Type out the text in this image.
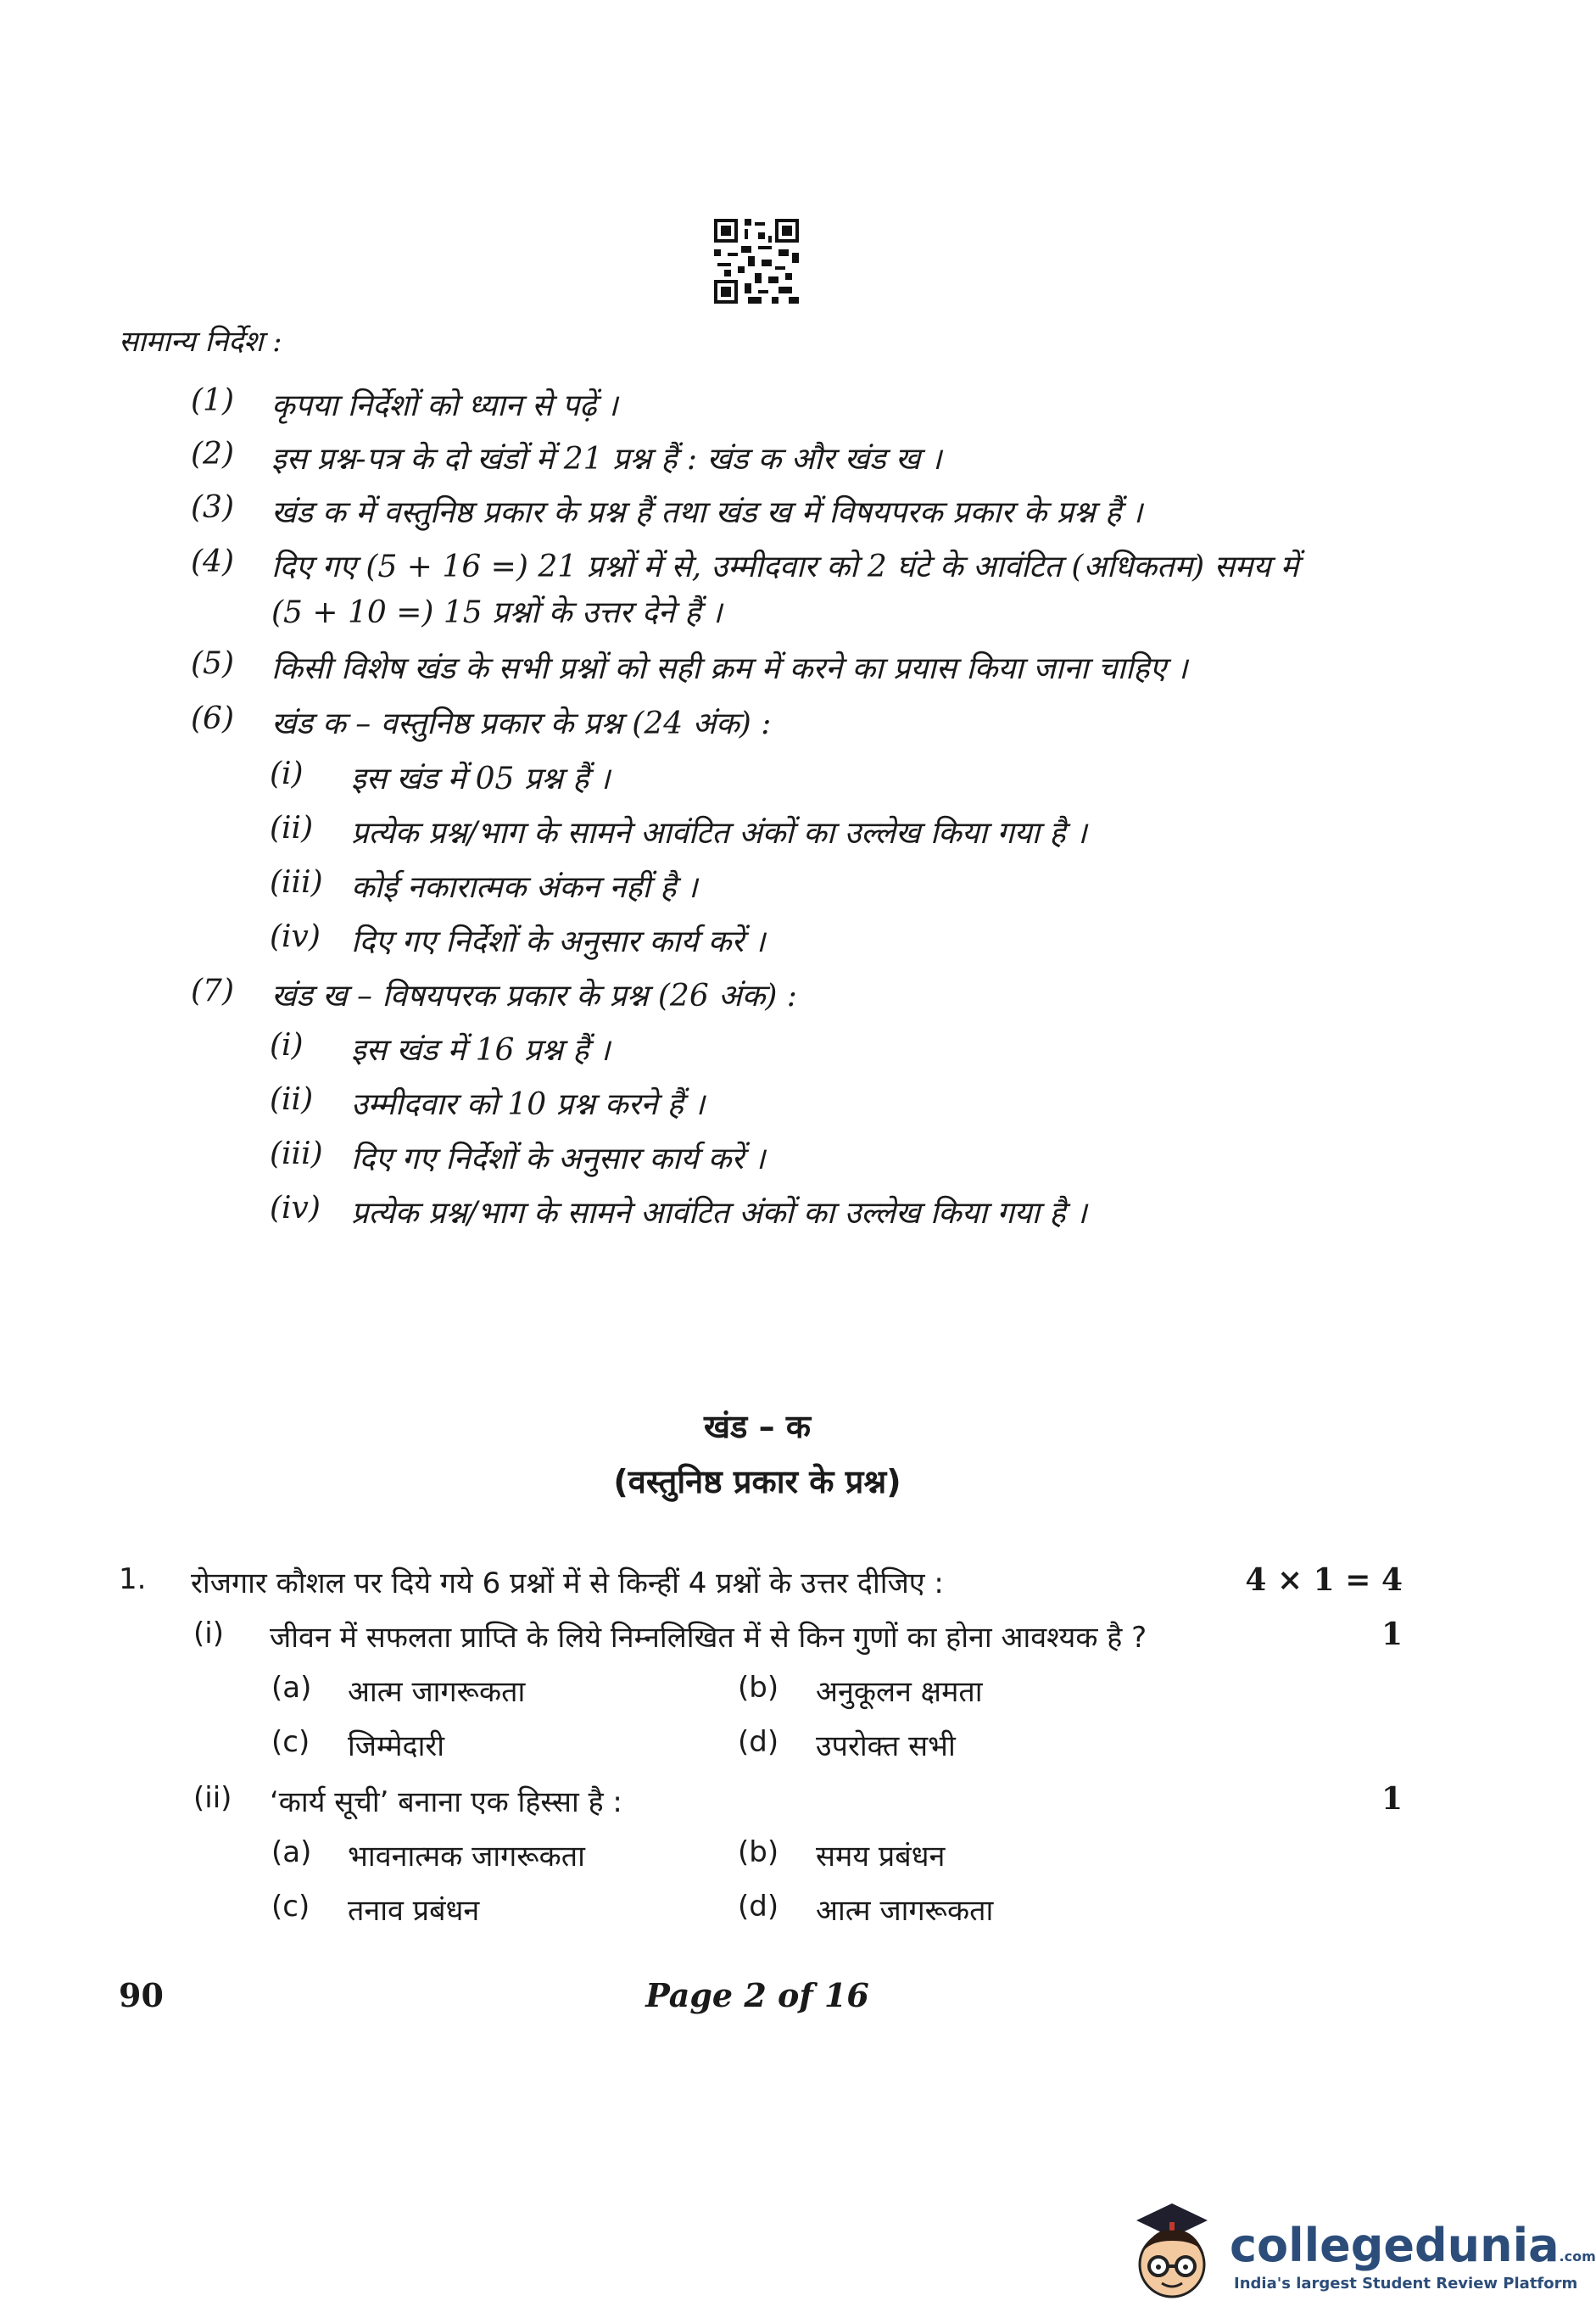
सामान्य निर्देश :
(1) कृपया निर्देशों को ध्यान से पढ़ें ।
(2) इस प्रश्न-पत्र के दो खंडों में 21 प्रश्न हैं : खंड क और खंड ख ।
(3) खंड क में वस्तुनिष्ठ प्रकार के प्रश्न हैं तथा खंड ख में विषयपरक प्रकार के प्रश्न हैं ।
(4) दिए गए (5 + 16 =) 21 प्रश्नों में से, उम्मीदवार को 2 घंटे के आवंटित (अधिकतम) समय में
(5 + 10 =) 15 प्रश्नों के उत्तर देने हैं ।
(5) किसी विशेष खंड के सभी प्रश्नों को सही क्रम में करने का प्रयास किया जाना चाहिए ।
(6) खंड क – वस्तुनिष्ठ प्रकार के प्रश्न (24 अंक) :
(i) इस खंड में 05 प्रश्न हैं ।
(ii) प्रत्येक प्रश्न/भाग के सामने आवंटित अंकों का उल्लेख किया गया है ।
(iii) कोई नकारात्मक अंकन नहीं है ।
(iv) दिए गए निर्देशों के अनुसार कार्य करें ।
(7) खंड ख – विषयपरक प्रकार के प्रश्न (26 अंक) :
(i) इस खंड में 16 प्रश्न हैं ।
(ii) उम्मीदवार को 10 प्रश्न करने हैं ।
(iii) दिए गए निर्देशों के अनुसार कार्य करें ।
(iv) प्रत्येक प्रश्न/भाग के सामने आवंटित अंकों का उल्लेख किया गया है ।
खंड – क
(वस्तुनिष्ठ प्रकार के प्रश्न)
1. रोजगार कौशल पर दिये गये 6 प्रश्नों में से किन्हीं 4 प्रश्नों के उत्तर दीजिए :	4 × 1 = 4
(i) जीवन में सफलता प्राप्ति के लिये निम्नलिखित में से किन गुणों का होना आवश्यक है ?	1
(a) आत्म जागरूकता	(b) अनुकूलन क्षमता
(c) जिम्मेदारी	(d) उपरोक्त सभी
(ii) ‘कार्य सूची’ बनाना एक हिस्सा है :	1
(a) भावनात्मक जागरूकता	(b) समय प्रबंधन
(c) तनाव प्रबंधन	(d) आत्म जागरूकता
90	Page 2 of 16
collegedunia.com
India's largest Student Review Platform
